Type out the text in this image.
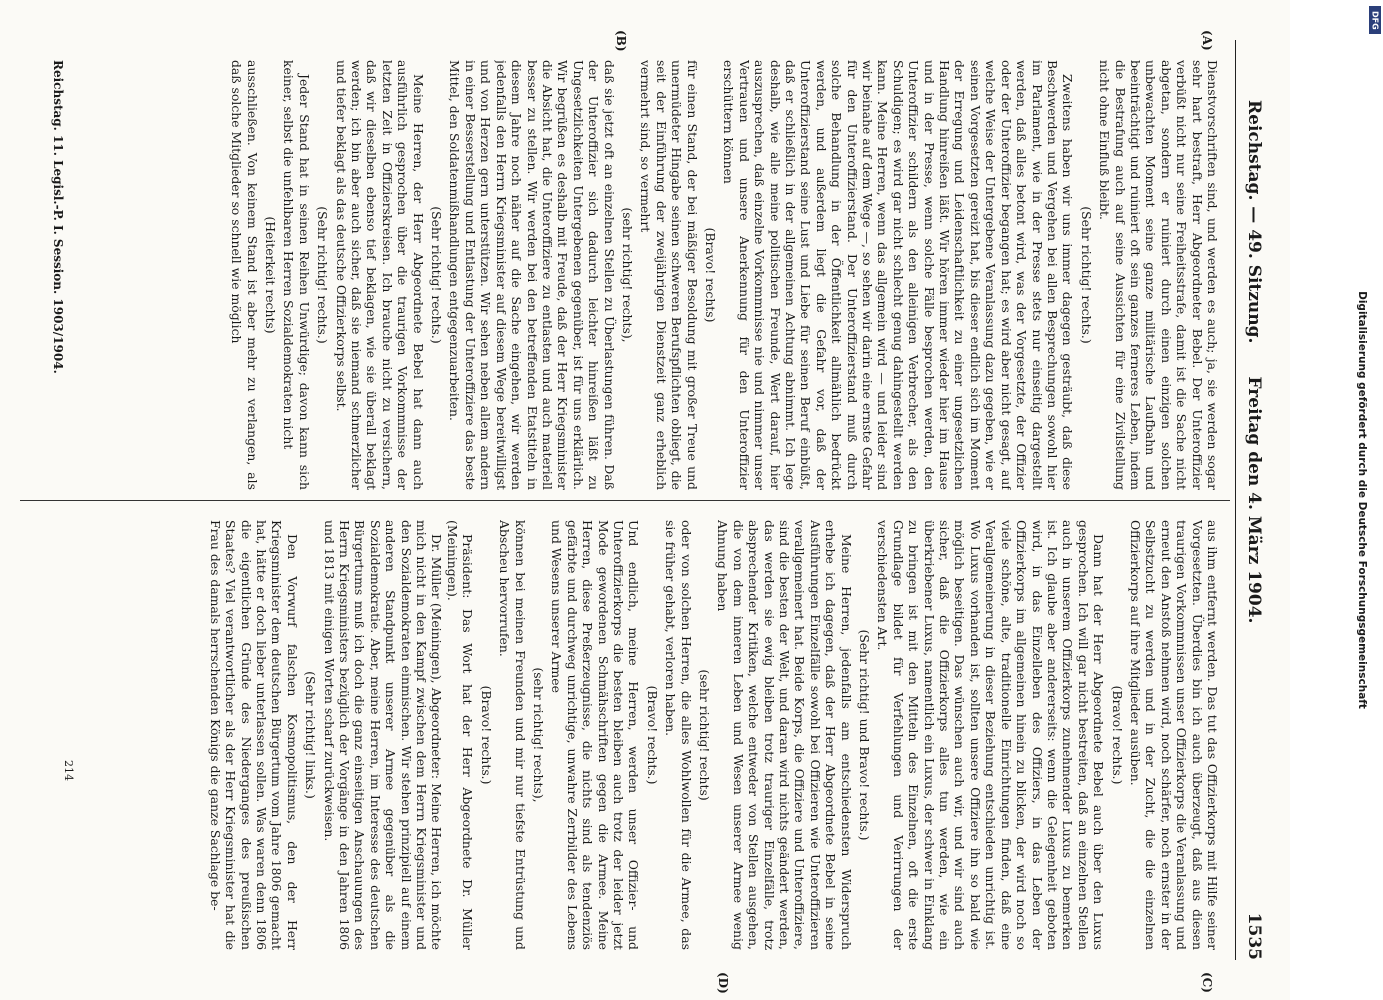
Reichstag. — 49. Sitzung.
Freitag den 4. März 1904.
1535
(A)
(B)
(C)
(D)

Dienstvorschriften sind, und werden es auch; ja, sie werden sogar sehr hart bestraft, Herr Abgeordneter Bebel. Der Unteroffizier verbüßt nicht nur seine Freiheitsstrafe, damit ist die Sache nicht abgetan, sondern er ruiniert durch einen einzigen solchen unbewachten Moment seine ganze militärische Laufbahn und beeinträchtigt und ruiniert oft sein ganzes ferneres Leben, indem die Bestrafung auch auf seine Aussichten für eine Zivilstellung nicht ohne Einfluß bleibt.

(Sehr richtig! rechts.)

Zweitens haben wir uns immer dagegen gesträubt, daß diese Beschwerden und Vergehen bei allen Besprechungen sowohl hier im Parlament, wie in der Presse stets nur einseitig dargestellt werden, daß alles betont wird, was der Vorgesetzte, der Offizier oder der Unteroffizier begangen hat; es wird aber nicht gesagt, auf welche Weise der Untergebene Veranlassung dazu gegeben, wie er seinen Vorgesetzten gereizt hat, bis dieser endlich sich im Moment der Erregung und Leidenschaftlichkeit zu einer ungesetzlichen Handlung hinreißen läßt. Wir hören immer wieder hier im Hause und in der Presse, wenn solche Fälle besprochen werden, den Unteroffizier schildern als den alleinigen Verbrecher, als den Schuldigen; es wird gar nicht schlecht genug dahingestellt werden kann. Meine Herren, wenn das allgemein wird — und leider sind wir beinahe auf dem Wege —, so sehen wir darin eine ernste Gefahr für den Unteroffizierstand. Der Unteroffizierstand muß durch solche Behandlung in der Öffentlichkeit allmählich bedrückt werden, und außerdem liegt die Gefahr vor, daß der Unteroffizierstand seine Lust und Liebe für seinen Beruf einbüßt, daß er schließlich in der allgemeinen Achtung abnimmt. Ich lege deshalb, wie alle meine politischen Freunde, Wert darauf, hier auszusprechen, daß einzelne Vorkommnisse nie und nimmer unser Vertrauen und unsere Anerkennung für den Unteroffizier erschüttern können

(Bravo! rechts)

für einen Stand, der bei mäßiger Besoldung mit großer Treue und unermüdeter Hingabe seinen schweren Berufspflichten obliegt, die seit der Einführung der zweijährigen Dienstzeit ganz erheblich vermehrt sind, so vermehrt

(sehr richtig! rechts),

daß sie jetzt oft an einzelnen Stellen zu Überlastungen führen. Daß der Unteroffizier sich dadurch leichter hinreißen läßt zu Ungesetzlichkeiten Untergebenen gegenüber, ist für uns erklärlich. Wir begrüßen es deshalb mit Freude, daß der Herr Kriegsminister die Absicht hat, die Unteroffiziere zu entlasten und auch materiell besser zu stellen. Wir werden bei den betreffenden Etatstiteln in diesem Jahre noch näher auf die Sache eingehen, wir werden jedenfalls den Herrn Kriegsminister auf diesem Wege bereitwilligst und von Herzen gern unterstützen. Wir sehen neben allem andern in einer Besserstellung und Entlastung der Unteroffiziere das beste Mittel, den Soldatenmißhandlungen entgegenzuarbeiten.

(Sehr richtig! rechts.)

Meine Herren, der Herr Abgeordnete Bebel hat dann auch ausführlich gesprochen über die traurigen Vorkommnisse der letzten Zeit in Offizierskreisen. Ich brauche nicht zu versichern, daß wir dieselben ebenso tief beklagen, wie sie überall beklagt werden; ich bin aber auch sicher, daß sie niemand schmerzlicher und tiefer beklagt als das deutsche Offizierkorps selbst.

(Sehr richtig! rechts.)

Jeder Stand hat in seinen Reihen Unwürdige; davon kann sich keiner, selbst die unfehlbaren Herren Sozialdemokraten nicht

(Heiterkeit rechts)

ausschließen. Von keinem Stand ist aber mehr zu verlangen, als daß solche Mitglieder so schnell wie möglich

aus ihm entfernt werden. Das tut das Offizierkorps mit Hilfe seiner Vorgesetzten. Überdies bin ich auch überzeugt, daß aus diesen traurigen Vorkommnissen unser Offizierkorps die Veranlassung und erneut den Anstoß nehmen wird, noch schärfer, noch ernster in der Selbstzucht zu werden und in der Zucht, die die einzelnen Offizierkorps auf ihre Mitglieder ausüben.

(Bravo! rechts.)

Dann hat der Herr Abgeordnete Bebel auch über den Luxus gesprochen. Ich will gar nicht bestreiten, daß an einzelnen Stellen auch in unserem Offizierkorps zunehmender Luxus zu bemerken ist. Ich glaube aber andererseits: wenn die Gelegenheit geboten wird, in das Einzelleben des Offiziers, in das Leben der Offizierkorps im allgemeinen hinein zu blicken, der wird noch so viele schöne, alte, traditionelle Einrichtungen finden, daß eine Verallgemeinerung in dieser Beziehung entschieden unrichtig ist. Wo Luxus vorhanden ist, sollten unsere Offiziere ihn so bald wie möglich beseitigen. Das wünschen auch wir, und wir sind auch sicher, daß die Offizierkorps alles tun werden, wie ein überkriebener Luxus, namentlich ein Luxus, der schwer in Einklang zu bringen ist mit den Mitteln des Einzelnen, oft die erste Grundlage bildet für Verfehlungen und Verirrungen der verschiedensten Art.

(Sehr richtig! und Bravo! rechts.)

Meine Herren, jedenfalls am entschiedensten Widerspruch erhebe ich dagegen, daß der Herr Abgeordnete Bebel in seine Ausführungen Einzelfälle sowohl bei Offizieren wie Unteroffizieren verallgemeinert hat. Beide Korps, die Offiziere und Unteroffiziere, sind die besten der Welt, und daran wird nichts geändert werden, das werden sie ewig bleiben trotz trauriger Einzelfälle, trotz absprechender Kritiken, welche entweder von Stellen ausgehen, die von dem inneren Leben und Wesen unserer Armee wenig Ahnung haben

(sehr richtig! rechts)

oder von solchen Herren, die alles Wohlwollen für die Armee, das sie früher gehabt, verloren haben.

(Bravo! rechts.)

Und endlich, meine Herren, werden unser Offizier- und Unteroffizierkorps die besten bleiben auch trotz der leider jetzt Mode gewordenen Schmähschriften gegen die Armee. Meine Herren, diese Preßerzeugnisse, die nichts sind als tendenziös gefärbte und durchweg unrichtige, unwahre Zerrbilder des Lebens und Wesens unserer Armee

(sehr richtig! rechts),

können bei meinen Freunden und mir nur tiefste Entrüstung und Abscheu hervorrufen.

(Bravo! rechts.)

Präsident: Das Wort hat der Herr Abgeordnete Dr. Müller (Meiningen).

Dr. Müller (Meiningen), Abgeordneter: Meine Herren, ich möchte mich nicht in den Kampf zwischen dem Herrn Kriegsminister und den Sozialdemokraten einmischen. Wir stehen prinzipiell auf einem anderen Standpunkt unserer Armee gegenüber als die Sozialdemokratie. Aber, meine Herren, im Interesse des deutschen Bürgertums muß ich doch die ganz einseitigen Anschauungen des Herrn Kriegsministers bezüglich der Vorgänge in den Jahren 1806 und 1813 mit einigen Worten scharf zurückweisen.

(Sehr richtig! links.)

Den Vorwurf falschen Kosmopolitismus, den der Herr Kriegsminister dem deutschen Bürgertum vom Jahre 1806 gemacht hat, hätte er doch lieber unterlassen sollen. Was waren denn 1806 die eigentlichen Gründe des Niederganges des preußischen Staates? Viel verantwortlicher als der Herr Kriegsminister hat die Frau des damals herrschenden Königs die ganze Sachlage be-

Reichstag. 11. Legisl.-P. I. Session. 1903/1904.
214
DFG
Digitalisierung gefördert durch die Deutsche Forschungsgemeinschaft
